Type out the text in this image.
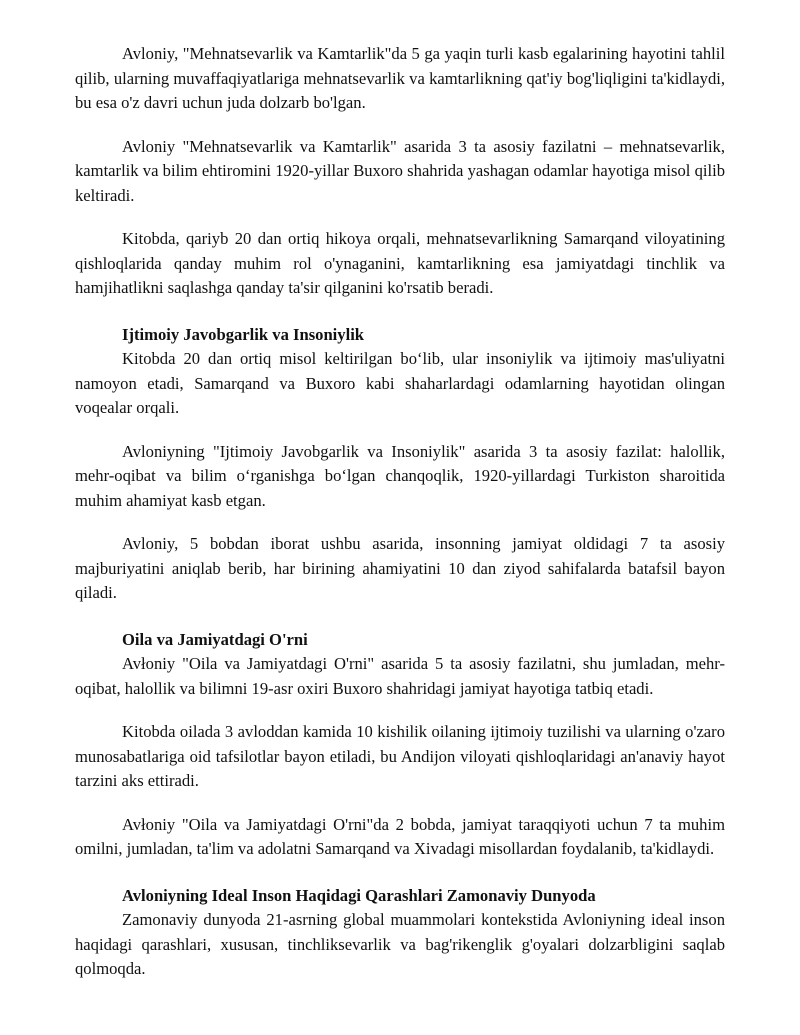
Avloniy, "Mehnatsevarlik va Kamtarlik"da 5 ga yaqin turli kasb egalarining hayotini tahlil qilib, ularning muvaffaqiyatlariga mehnatsevarlik va kamtarlikning qat'iy bog'liqligini ta'kidlaydi, bu esa o'z davri uchun juda dolzarb bo'lgan.

Avloniy "Mehnatsevarlik va Kamtarlik" asarida 3 ta asosiy fazilatni – mehnatsevarlik, kamtarlik va bilim ehtiromini 1920-yillar Buxoro shahrida yashagan odamlar hayotiga misol qilib keltiradi.

Kitobda, qariyb 20 dan ortiq hikoya orqali, mehnatsevarlikning Samarqand viloyatining qishloqlarida qanday muhim rol o'ynaganini, kamtarlikning esa jamiyatdagi tinchlik va hamjihatlikni saqlashga qanday ta'sir qilganini ko'rsatib beradi.

Ijtimoiy Javobgarlik va Insoniylik

Kitobda 20 dan ortiq misol keltirilgan bo‘lib, ular insoniylik va ijtimoiy mas'uliyatni namoyon etadi, Samarqand va Buxoro kabi shaharlardagi odamlarning hayotidan olingan voqealar orqali.

Avloniyning "Ijtimoiy Javobgarlik va Insoniylik" asarida 3 ta asosiy fazilat: halollik, mehr-oqibat va bilim o‘rganishga bo‘lgan chanqoqlik, 1920-yillardagi Turkiston sharoitida muhim ahamiyat kasb etgan.

Avloniy, 5 bobdan iborat ushbu asarida, insonning jamiyat oldidagi 7 ta asosiy majburiyatini aniqlab berib, har birining ahamiyatini 10 dan ziyod sahifalarda batafsil bayon qiladi.

Oila va Jamiyatdagi O'rni

Avłoniy "Oila va Jamiyatdagi O'rni" asarida 5 ta asosiy fazilatni, shu jumladan, mehr-oqibat, halollik va bilimni 19-asr oxiri Buxoro shahridagi jamiyat hayotiga tatbiq etadi.

Kitobda oilada 3 avloddan kamida 10 kishilik oilaning ijtimoiy tuzilishi va ularning o'zaro munosabatlariga oid tafsilotlar bayon etiladi, bu Andijon viloyati qishloqlaridagi an'anaviy hayot tarzini aks ettiradi.

Avłoniy "Oila va Jamiyatdagi O'rni"da 2 bobda, jamiyat taraqqiyoti uchun 7 ta muhim omilni, jumladan, ta'lim va adolatni Samarqand va Xivadagi misollardan foydalanib, ta'kidlaydi.

Avloniyning Ideal Inson Haqidagi Qarashlari Zamonaviy Dunyoda

Zamonaviy dunyoda 21-asrning global muammolari kontekstida Avloniyning ideal inson haqidagi qarashlari, xususan, tinchliksevarlik va bag'rikenglik g'oyalari dolzarbligini saqlab qolmoqda.
